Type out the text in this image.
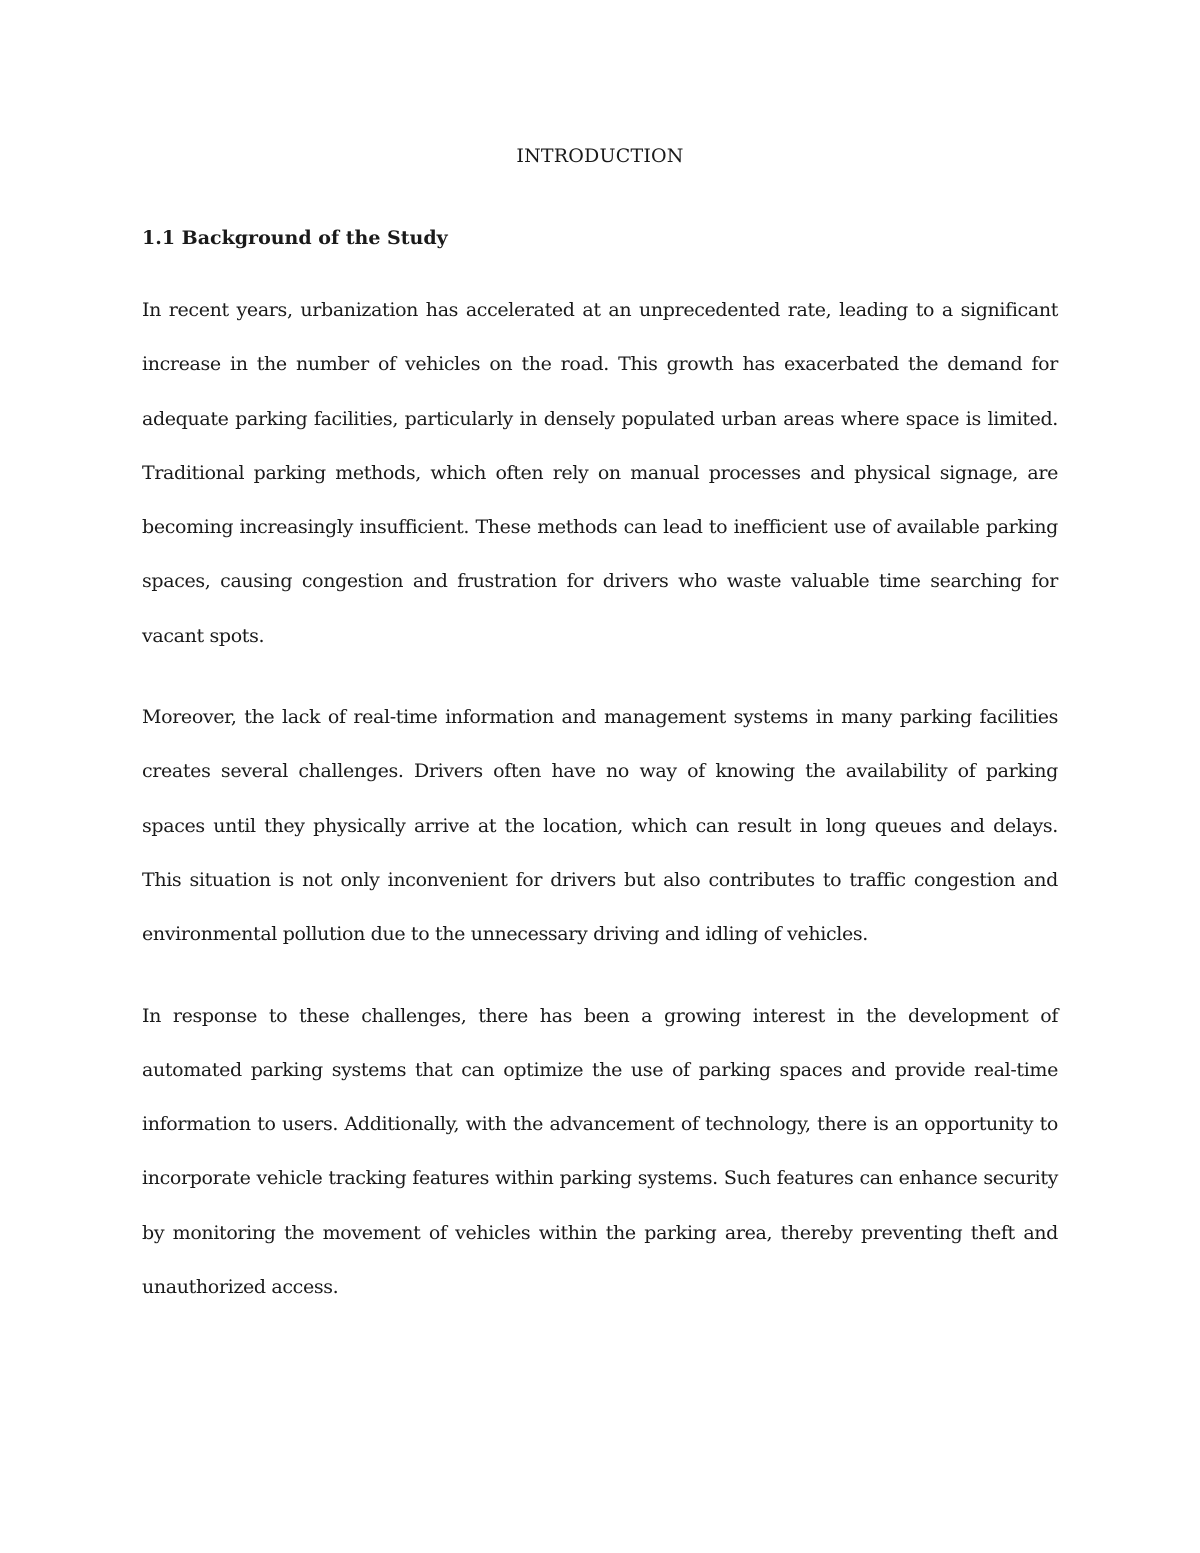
INTRODUCTION
1.1 Background of the Study

In recent years, urbanization has accelerated at an unprecedented rate, leading to a significant increase in the number of vehicles on the road. This growth has exacerbated the demand for adequate parking facilities, particularly in densely populated urban areas where space is limited. Traditional parking methods, which often rely on manual processes and physical signage, are becoming increasingly insufficient. These methods can lead to inefficient use of available parking spaces, causing congestion and frustration for drivers who waste valuable time searching for vacant spots.

Moreover, the lack of real-time information and management systems in many parking facilities creates several challenges. Drivers often have no way of knowing the availability of parking spaces until they physically arrive at the location, which can result in long queues and delays. This situation is not only inconvenient for drivers but also contributes to traffic congestion and environmental pollution due to the unnecessary driving and idling of vehicles.

In response to these challenges, there has been a growing interest in the development of automated parking systems that can optimize the use of parking spaces and provide real-time information to users. Additionally, with the advancement of technology, there is an opportunity to incorporate vehicle tracking features within parking systems. Such features can enhance security by monitoring the movement of vehicles within the parking area, thereby preventing theft and unauthorized access.
